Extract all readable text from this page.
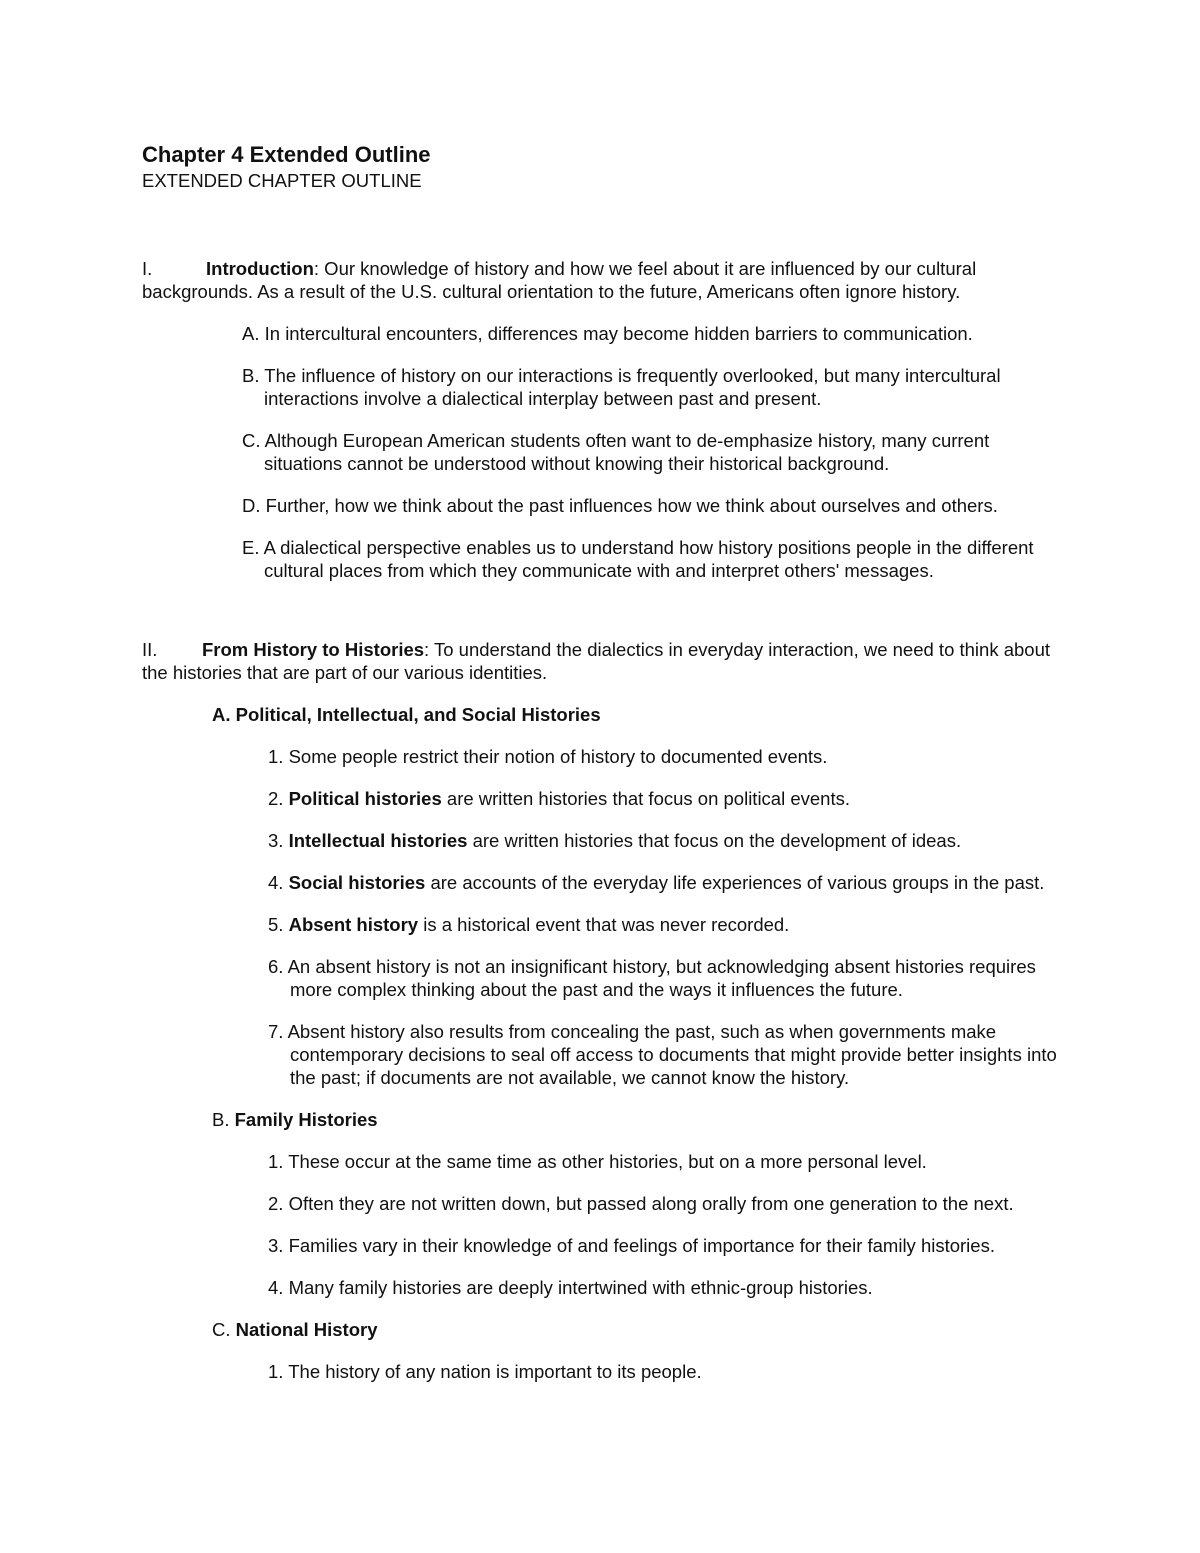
Chapter 4 Extended Outline
EXTENDED CHAPTER OUTLINE
I.	Introduction: Our knowledge of history and how we feel about it are influenced by our cultural backgrounds. As a result of the U.S. cultural orientation to the future, Americans often ignore history.
A. In intercultural encounters, differences may become hidden barriers to communication.
B. The influence of history on our interactions is frequently overlooked, but many intercultural interactions involve a dialectical interplay between past and present.
C. Although European American students often want to de-emphasize history, many current situations cannot be understood without knowing their historical background.
D. Further, how we think about the past influences how we think about ourselves and others.
E. A dialectical perspective enables us to understand how history positions people in the different cultural places from which they communicate with and interpret others' messages.
II. From History to Histories: To understand the dialectics in everyday interaction, we need to think about the histories that are part of our various identities.
A. Political, Intellectual, and Social Histories
1. Some people restrict their notion of history to documented events.
2. Political histories are written histories that focus on political events.
3. Intellectual histories are written histories that focus on the development of ideas.
4. Social histories are accounts of the everyday life experiences of various groups in the past.
5. Absent history is a historical event that was never recorded.
6. An absent history is not an insignificant history, but acknowledging absent histories requires more complex thinking about the past and the ways it influences the future.
7. Absent history also results from concealing the past, such as when governments make contemporary decisions to seal off access to documents that might provide better insights into the past; if documents are not available, we cannot know the history.
B. Family Histories
1. These occur at the same time as other histories, but on a more personal level.
2. Often they are not written down, but passed along orally from one generation to the next.
3. Families vary in their knowledge of and feelings of importance for their family histories.
4. Many family histories are deeply intertwined with ethnic-group histories.
C. National History
1. The history of any nation is important to its people.
